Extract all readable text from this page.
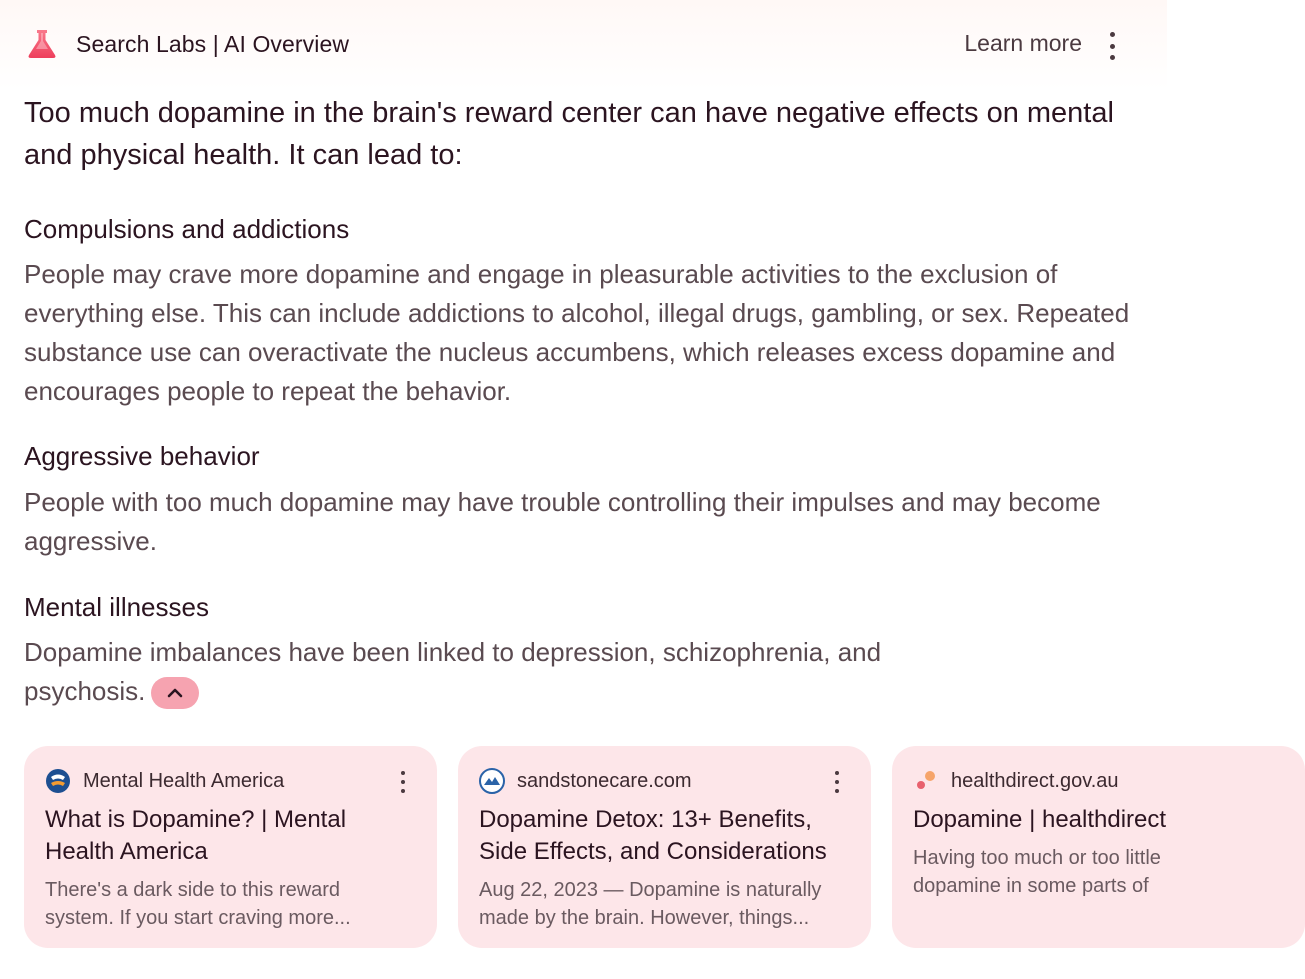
Search Labs | AI Overview	Learn more
Too much dopamine in the brain's reward center can have negative effects on mental and physical health. It can lead to:
Compulsions and addictions
People may crave more dopamine and engage in pleasurable activities to the exclusion of everything else. This can include addictions to alcohol, illegal drugs, gambling, or sex. Repeated substance use can overactivate the nucleus accumbens, which releases excess dopamine and encourages people to repeat the behavior.
Aggressive behavior
People with too much dopamine may have trouble controlling their impulses and may become aggressive.
Mental illnesses
Dopamine imbalances have been linked to depression, schizophrenia, and psychosis.
Mental Health America
What is Dopamine? | Mental Health America
There's a dark side to this reward
system. If you start craving more...
sandstonecare.com
Dopamine Detox: 13+ Benefits, Side Effects, and Considerations
Aug 22, 2023 — Dopamine is naturally
made by the brain. However, things...
healthdirect.gov.au
Dopamine | healthdirect
Having too much or too little
dopamine in some parts of
